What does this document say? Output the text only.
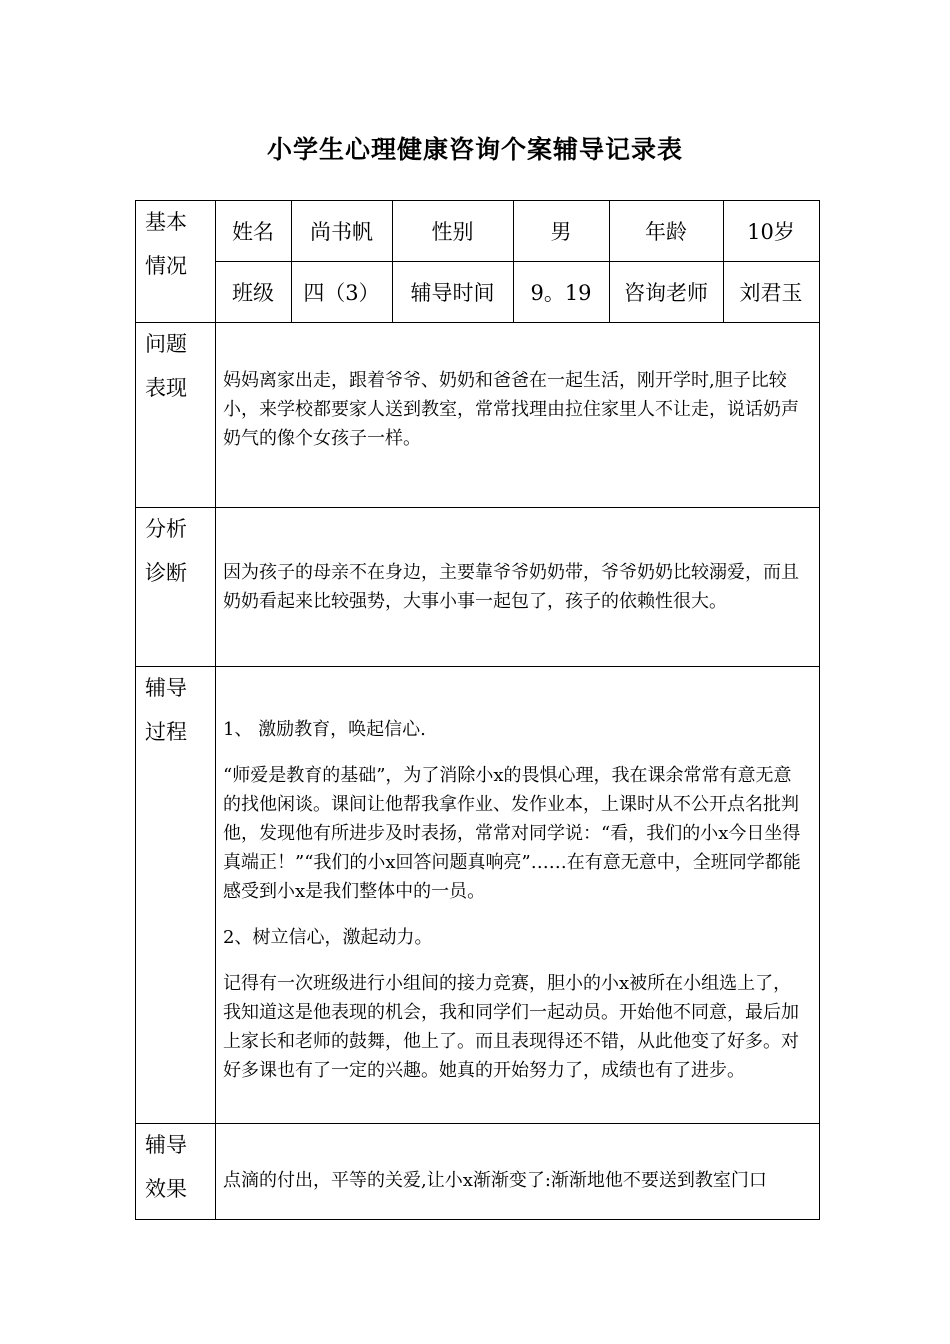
小学生心理健康咨询个案辅导记录表
基本
情况
姓名	尚书帆	性别	男	年龄	10岁
班级	四（3）	辅导时间	9。19	咨询老师	刘君玉
问题
表现	妈妈离家出走，跟着爷爷、奶奶和爸爸在一起生活，刚开学时,胆子比较小，来学校都要家人送到教室，常常找理由拉住家里人不让走，说话奶声奶气的像个女孩子一样。
分析
诊断	因为孩子的母亲不在身边，主要靠爷爷奶奶带，爷爷奶奶比较溺爱，而且奶奶看起来比较强势，大事小事一起包了，孩子的依赖性很大。
辅导
过程	1、 激励教育，唤起信心.

“师爱是教育的基础”，为了消除小x的畏惧心理，我在课余常常有意无意的找他闲谈。课间让他帮我拿作业、发作业本，上课时从不公开点名批判他，发现他有所进步及时表扬，常常对同学说：“看，我们的小x今日坐得真端正！”“我们的小x回答问题真响亮”……在有意无意中，全班同学都能感受到小x是我们整体中的一员。

2、树立信心，激起动力。

记得有一次班级进行小组间的接力竞赛，胆小的小x被所在小组选上了，我知道这是他表现的机会，我和同学们一起动员。开始他不同意，最后加上家长和老师的鼓舞，他上了。而且表现得还不错，从此他变了好多。对好多课也有了一定的兴趣。她真的开始努力了，成绩也有了进步。

辅导
效果	点滴的付出，平等的关爱,让小x渐渐变了:渐渐地他不要送到教室门口
